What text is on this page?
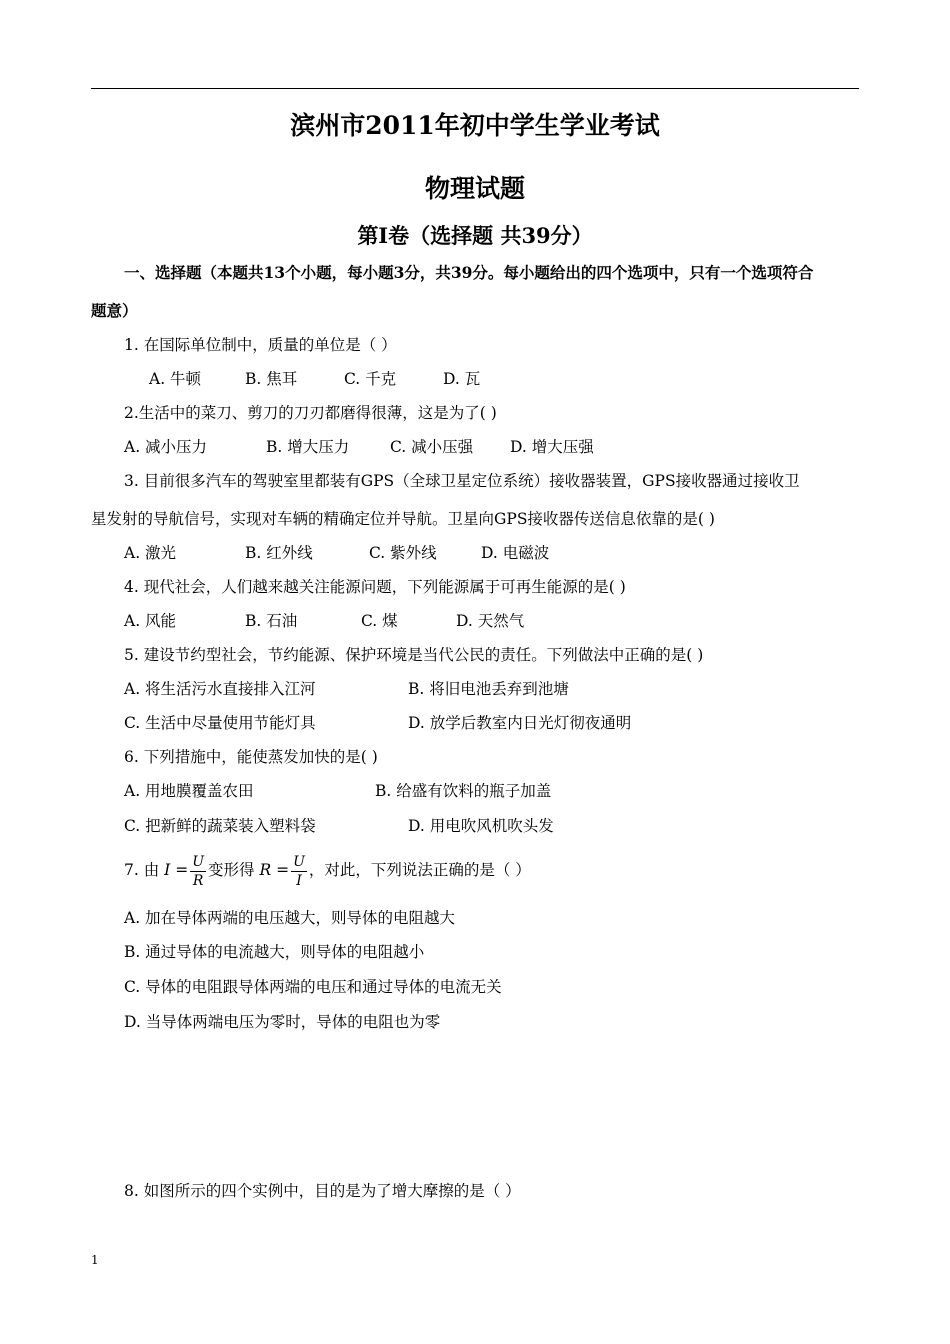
滨州市2011年初中学生学业考试
物理试题
第Ⅰ卷（选择题 共39分）
一、选择题（本题共13个小题，每小题3分，共39分。每小题给出的四个选项中，只有一个选项符合
题意）
1. 在国际单位制中，质量的单位是（ ）
A. 牛顿	B. 焦耳	C. 千克	D. 瓦
2.生活中的菜刀、剪刀的刀刃都磨得很薄，这是为了( )
A. 减小压力	B. 增大压力	C. 减小压强 D. 增大压强
3. 目前很多汽车的驾驶室里都装有GPS（全球卫星定位系统）接收器装置，GPS接收器通过接收卫
星发射的导航信号，实现对车辆的精确定位并导航。卫星向GPS接收器传送信息依靠的是( )
A. 激光	B. 红外线	C. 紫外线	D. 电磁波
4. 现代社会，人们越来越关注能源问题，下列能源属于可再生能源的是( )
A. 风能	B. 石油	C. 煤	D. 天然气
5. 建设节约型社会，节约能源、保护环境是当代公民的责任。下列做法中正确的是( )
A. 将生活污水直接排入江河	B. 将旧电池丢弃到池塘
C. 生活中尽量使用节能灯具	D. 放学后教室内日光灯彻夜通明
6. 下列措施中，能使蒸发加快的是( )
A. 用地膜覆盖农田	B. 给盛有饮料的瓶子加盖
C. 把新鲜的蔬菜装入塑料袋	D. 用电吹风机吹头发
7. 由 $I = \frac{U}{R}$ 变形得 $R = \frac{U}{I}$ ，对此，下列说法正确的是（ ）
A. 加在导体两端的电压越大，则导体的电阻越大
B. 通过导体的电流越大，则导体的电阻越小
C. 导体的电阻跟导体两端的电压和通过导体的电流无关
D. 当导体两端电压为零时，导体的电阻也为零
8. 如图所示的四个实例中，目的是为了增大摩擦的是（ ）
1
